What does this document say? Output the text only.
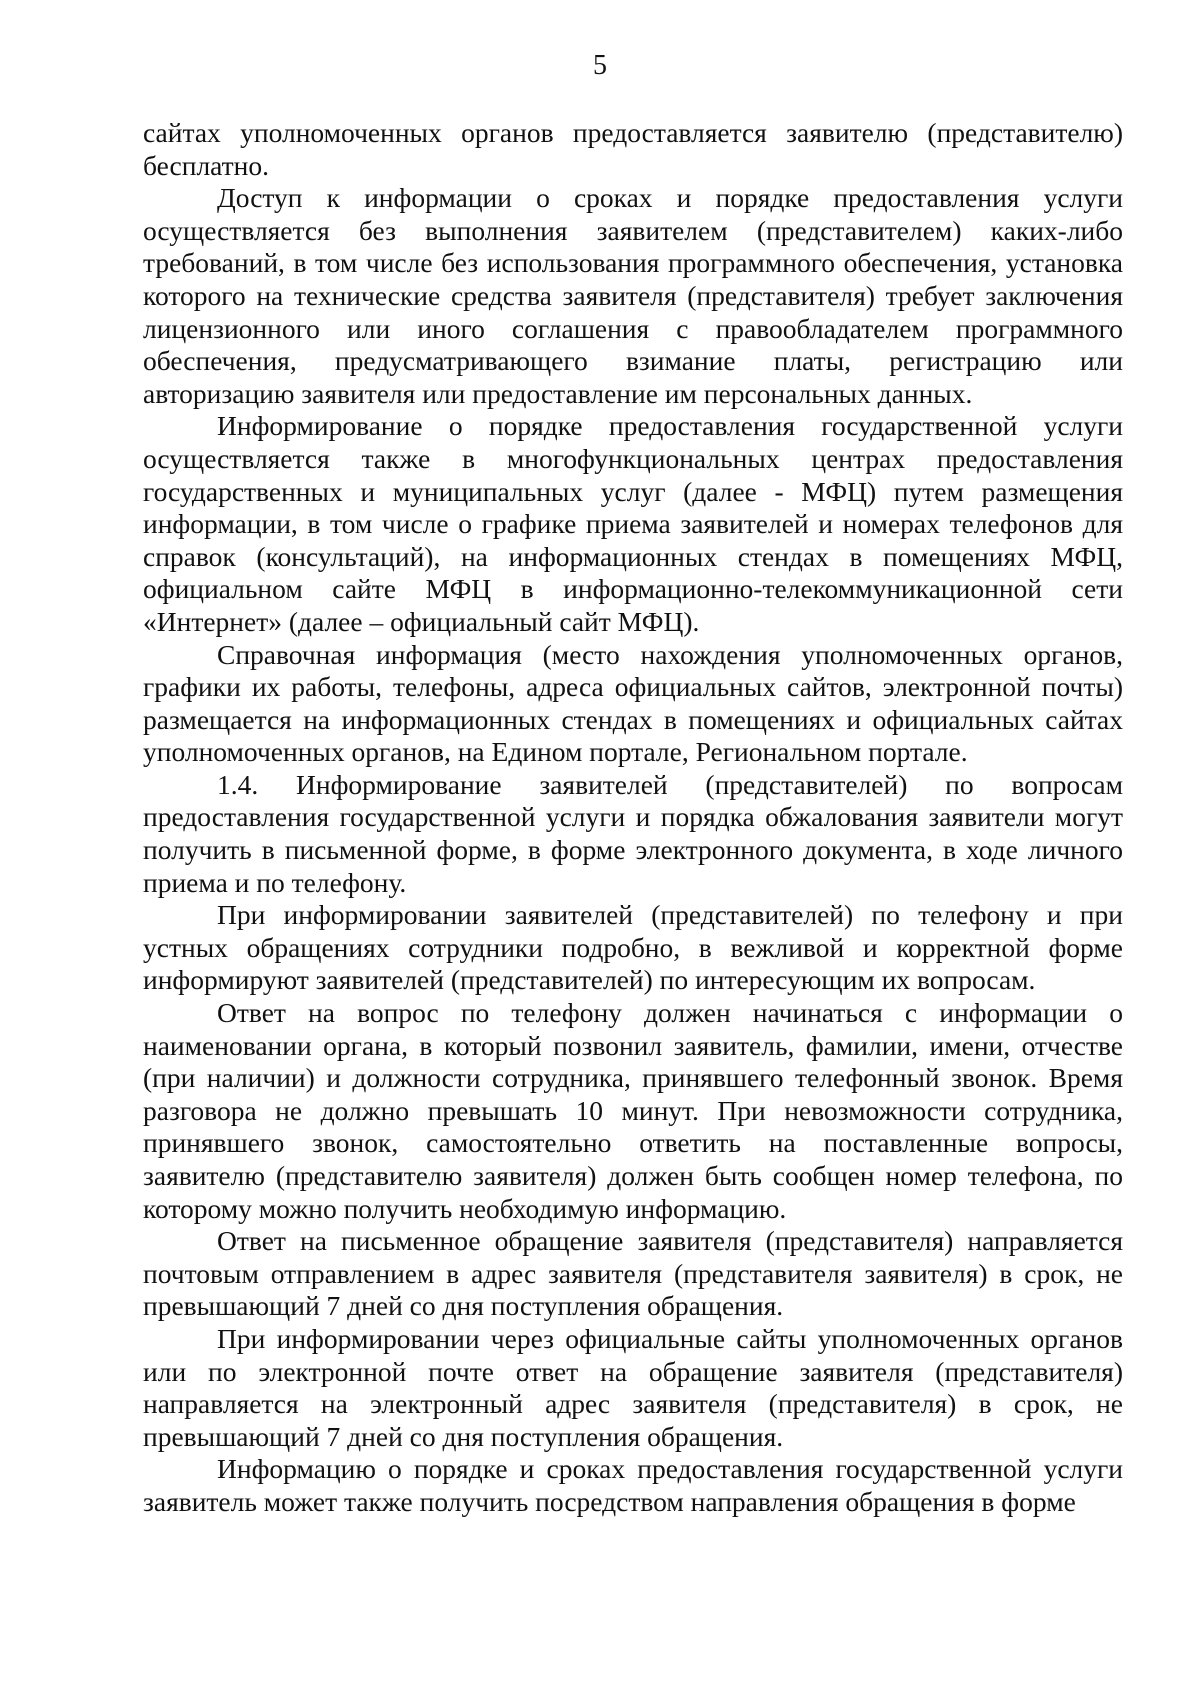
5

сайтах уполномоченных органов предоставляется заявителю (представителю) бесплатно.

Доступ к информации о сроках и порядке предоставления услуги осуществляется без выполнения заявителем (представителем) каких-либо требований, в том числе без использования программного обеспечения, установка которого на технические средства заявителя (представителя) требует заключения лицензионного или иного соглашения с правообладателем программного обеспечения, предусматривающего взимание платы, регистрацию или авторизацию заявителя или предоставление им персональных данных.

Информирование о порядке предоставления государственной услуги осуществляется также в многофункциональных центрах предоставления государственных и муниципальных услуг (далее - МФЦ) путем размещения информации, в том числе о графике приема заявителей и номерах телефонов для справок (консультаций), на информационных стендах в помещениях МФЦ, официальном сайте МФЦ в информационно-телекоммуникационной сети «Интернет» (далее – официальный сайт МФЦ).

Справочная информация (место нахождения уполномоченных органов, графики их работы, телефоны, адреса официальных сайтов, электронной почты) размещается на информационных стендах в помещениях и официальных сайтах уполномоченных органов, на Едином портале, Региональном портале.

1.4. Информирование заявителей (представителей) по вопросам предоставления государственной услуги и порядка обжалования заявители могут получить в письменной форме, в форме электронного документа, в ходе личного приема и по телефону.

При информировании заявителей (представителей) по телефону и при устных обращениях сотрудники подробно, в вежливой и корректной форме информируют заявителей (представителей) по интересующим их вопросам.

Ответ на вопрос по телефону должен начинаться с информации о наименовании органа, в который позвонил заявитель, фамилии, имени, отчестве (при наличии) и должности сотрудника, принявшего телефонный звонок. Время разговора не должно превышать 10 минут. При невозможности сотрудника, принявшего звонок, самостоятельно ответить на поставленные вопросы, заявителю (представителю заявителя) должен быть сообщен номер телефона, по которому можно получить необходимую информацию.

Ответ на письменное обращение заявителя (представителя) направляется почтовым отправлением в адрес заявителя (представителя заявителя) в срок, не превышающий 7 дней со дня поступления обращения.

При информировании через официальные сайты уполномоченных органов или по электронной почте ответ на обращение заявителя (представителя) направляется на электронный адрес заявителя (представителя) в срок, не превышающий 7 дней со дня поступления обращения.

Информацию о порядке и сроках предоставления государственной услуги заявитель может также получить посредством направления обращения в форме
